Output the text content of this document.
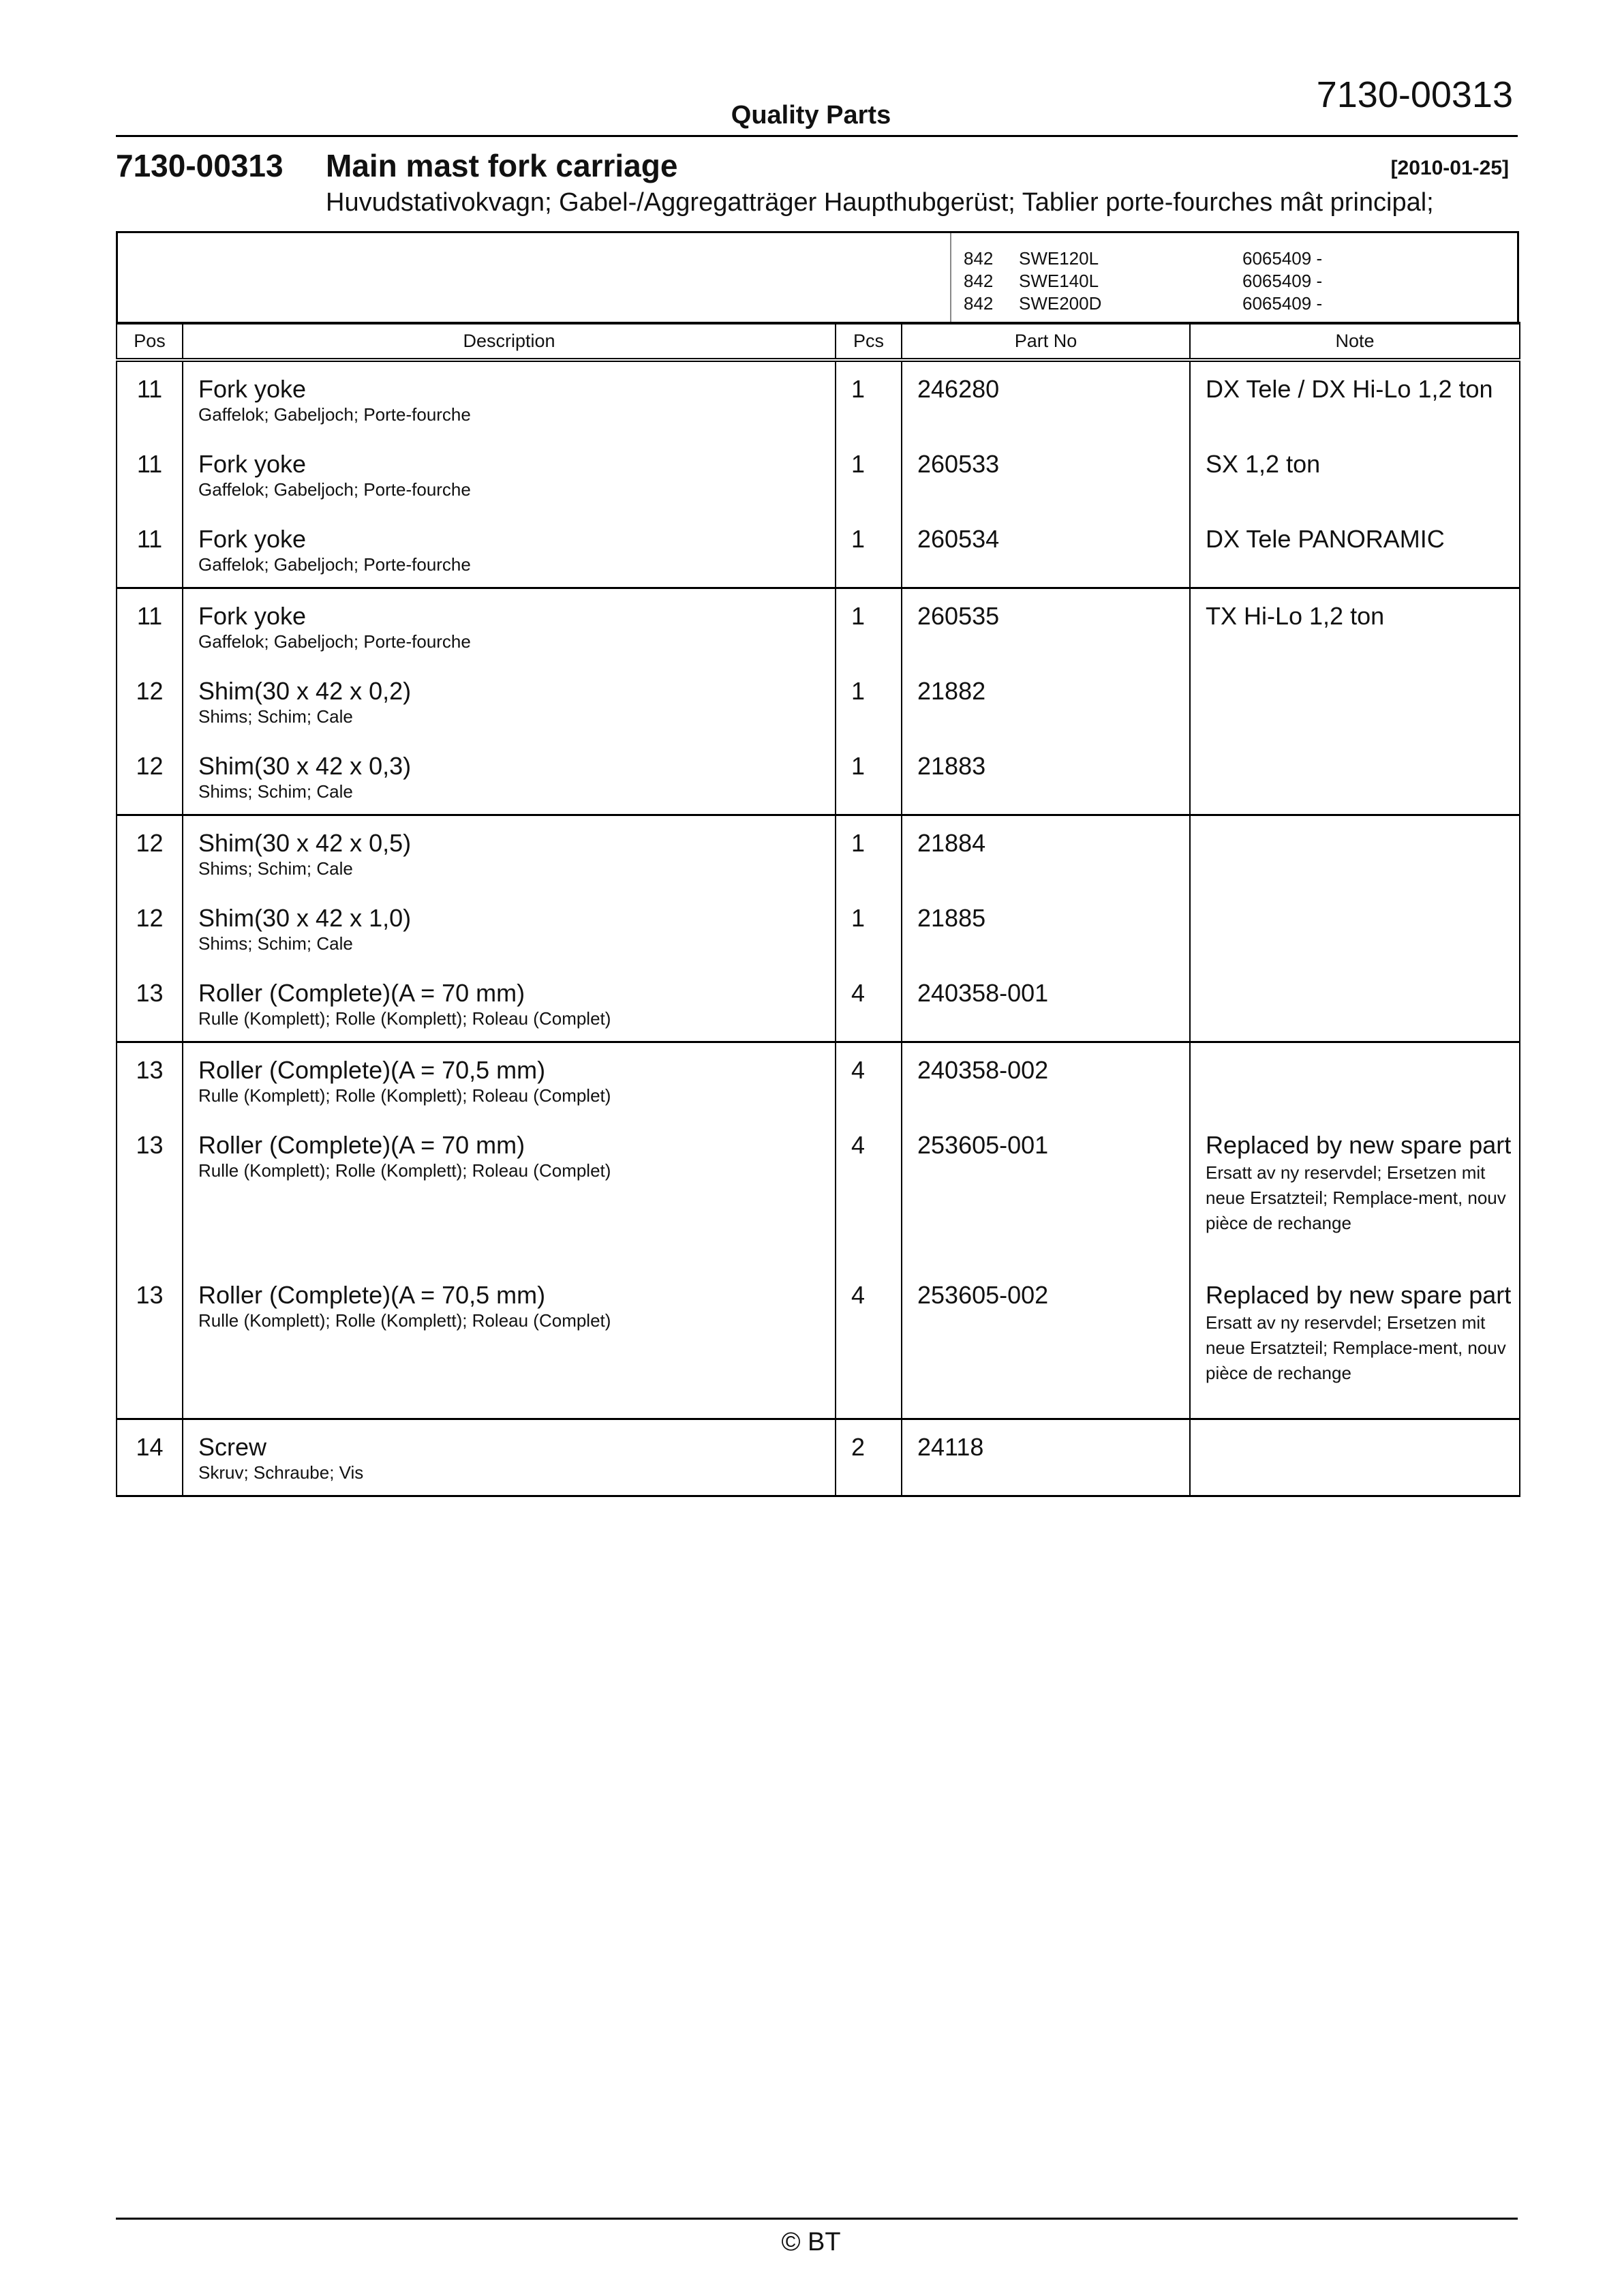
7130-00313
Quality Parts
7130-00313 Main mast fork carriage	[2010-01-25]
Huvudstativokvagn; Gabel-/Aggregatträger Haupthubgerüst; Tablier porte-fourches mât principal;
842 SWE120L	6065409 -
842 SWE140L	6065409 -
842 SWE200D	6065409 -
Pos	Description	Pcs	Part No	Note
11	Fork yoke
Gaffelok; Gabeljoch; Porte-fourche	1	246280	DX Tele / DX Hi-Lo 1,2 ton

11	Fork yoke
Gaffelok; Gabeljoch; Porte-fourche	1	260533	SX 1,2 ton

11	Fork yoke
Gaffelok; Gabeljoch; Porte-fourche	1	260534	DX Tele PANORAMIC

11	Fork yoke
Gaffelok; Gabeljoch; Porte-fourche	1	260535	TX Hi-Lo 1,2 ton

12	Shim(30 x 42 x 0,2)
Shims; Schim; Cale	1	21882	
12	Shim(30 x 42 x 0,3)
Shims; Schim; Cale	1	21883	
12	Shim(30 x 42 x 0,5)
Shims; Schim; Cale	1	21884	
12	Shim(30 x 42 x 1,0)
Shims; Schim; Cale	1	21885	
13	Roller (Complete)(A = 70 mm)
Rulle (Komplett); Rolle (Komplett); Roleau (Complet)	4	240358-001	
13	Roller (Complete)(A = 70,5 mm)
Rulle (Komplett); Rolle (Komplett); Roleau (Complet)	4	240358-002	
13	Roller (Complete)(A = 70 mm)
Rulle (Komplett); Rolle (Komplett); Roleau (Complet)	4	253605-001	Replaced by new spare part
Ersatt av ny reservdel; Ersetzen mit neue Ersatzteil; Remplace-ment, nouv pièce de rechange

13	Roller (Complete)(A = 70,5 mm)
Rulle (Komplett); Rolle (Komplett); Roleau (Complet)	4	253605-002	Replaced by new spare part
Ersatt av ny reservdel; Ersetzen mit neue Ersatzteil; Remplace-ment, nouv pièce de rechange

14	Screw
Skruv; Schraube; Vis	2	24118	
© BT
